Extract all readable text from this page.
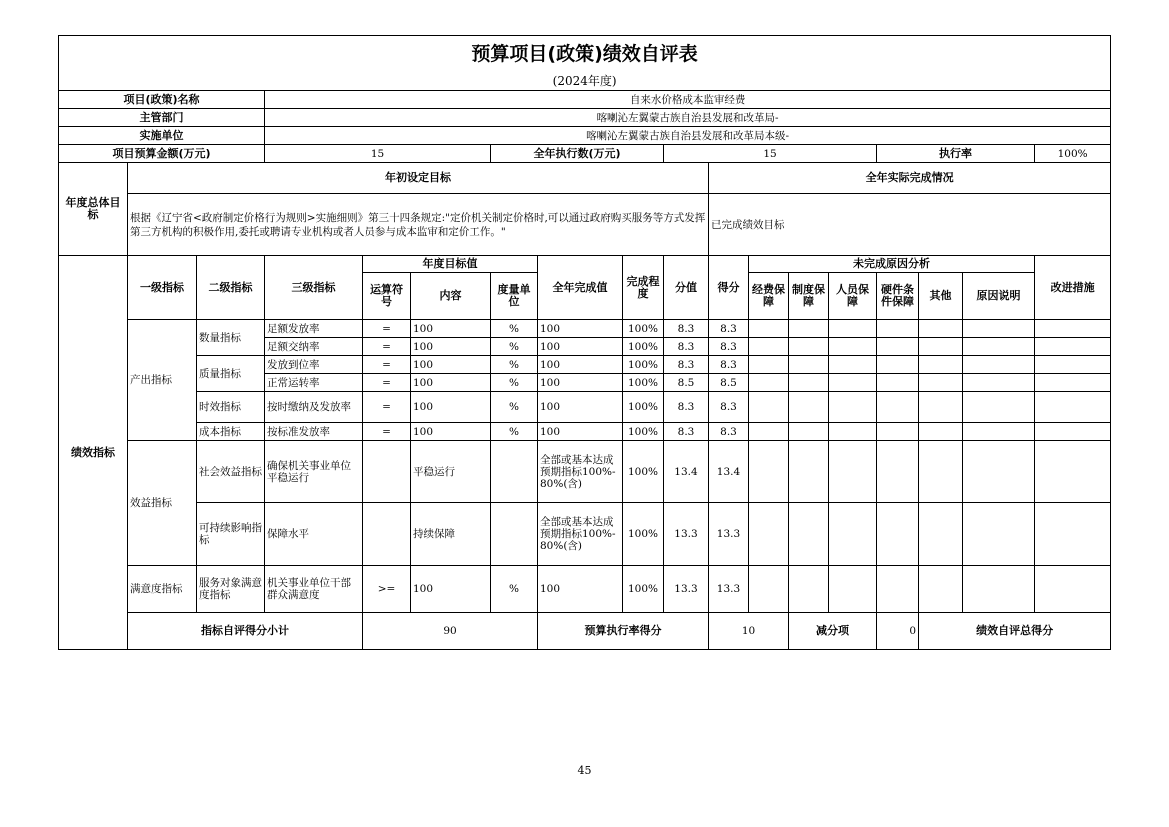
预算项目(政策)绩效自评表																		
(2024年度)																		
项目(政策)名称			自来水价格成本监审经费															
主管部门			喀喇沁左翼蒙古族自治县发展和改革局-															
实施单位			喀喇沁左翼蒙古族自治县发展和改革局本级-															
项目预算金额(万元)			15			全年执行数(万元)			15					执行率			100%	
年度总体目标	年初设定目标									全年实际完成情况								
	根据《辽宁省<政府制定价格行为规则>实施细则》第三十四条规定:"定价机关制定价格时,可以通过政府购买服务等方式发挥第三方机构的积极作用,委托或聘请专业机构或者人员参与成本监审和定价工作。"									已完成绩效目标								
绩效指标	一级指标	二级指标	三级指标	年度目标值			全年完成值	完成程度	分值	得分	未完成原因分析						改进措施	
				运算符号	内容	度量单位					经费保障	制度保障	人员保障	硬件条件保障	其他	原因说明		
	产出指标	数量指标	足额发放率	=	100	%	100	100%	8.3	8.3								
			足额交纳率	=	100	%	100	100%	8.3	8.3								
		质量指标	发放到位率	=	100	%	100	100%	8.3	8.3								
			正常运转率	=	100	%	100	100%	8.5	8.5								
		时效指标	按时缴纳及发放率	=	100	%	100	100%	8.3	8.3								
		成本指标	按标准发放率	=	100	%	100	100%	8.3	8.3								
	效益指标	社会效益指标	确保机关事业单位平稳运行		平稳运行		全部或基本达成预期指标100%-80%(含)	100%	13.4	13.4								
		可持续影响指标	保障水平		持续保障		全部或基本达成预期指标100%-80%(含)	100%	13.3	13.3								
	满意度指标	服务对象满意度指标	机关事业单位干部群众满意度	>=	100	%	100	100%	13.3	13.3								
	指标自评得分小计			90			预算执行率得分			10		减分项		0	绩效自评总得分	
45
